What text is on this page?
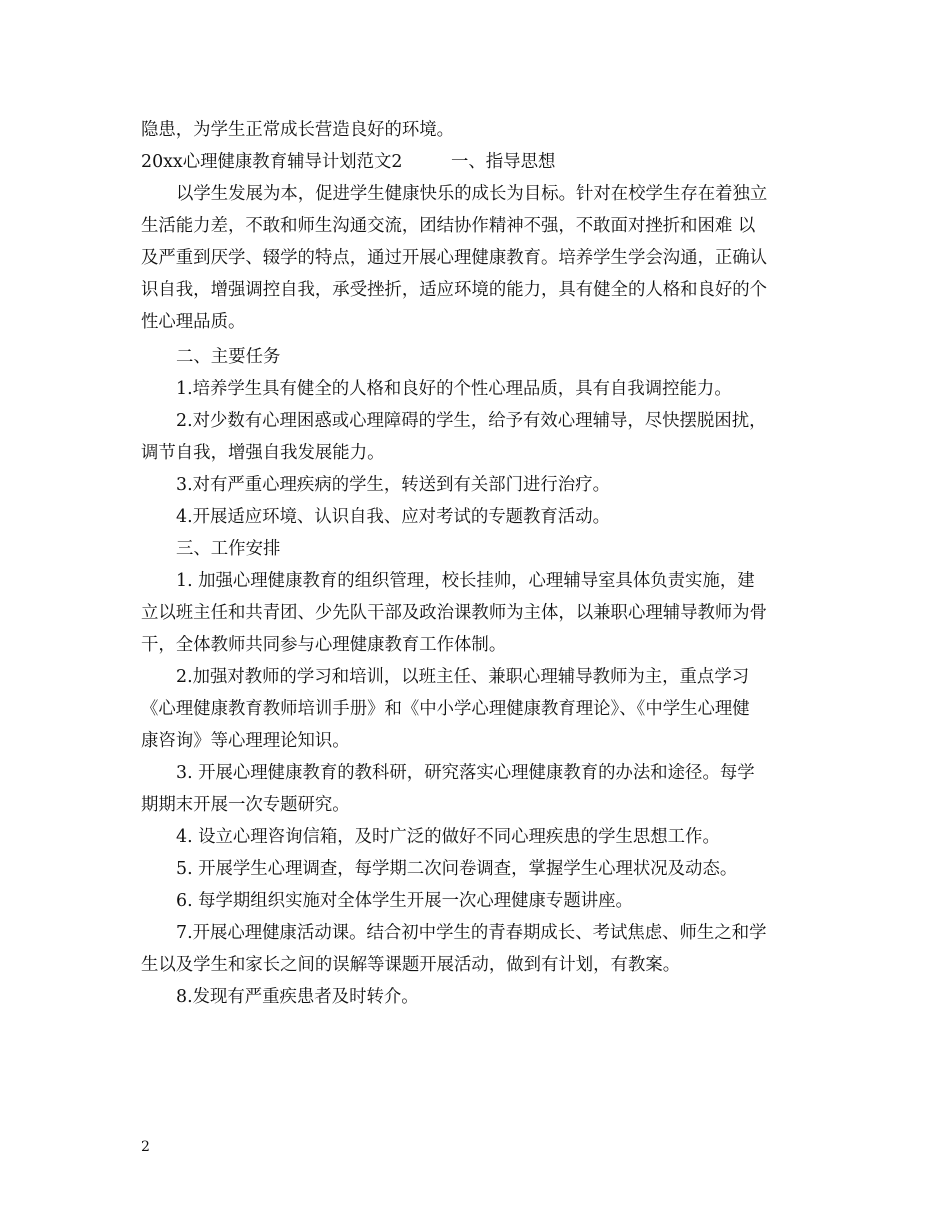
隐患，为学生正常成长营造良好的环境。
20xx心理健康教育辅导计划范文2	一、指导思想
以学生发展为本，促进学生健康快乐的成长为目标。针对在校学生存在着独立
生活能力差，不敢和师生沟通交流，团结协作精神不强，不敢面对挫折和困难 以
及严重到厌学、辍学的特点，通过开展心理健康教育。培养学生学会沟通，正确认
识自我，增强调控自我，承受挫折，适应环境的能力，具有健全的人格和良好的个
性心理品质。
二、主要任务
1.培养学生具有健全的人格和良好的个性心理品质，具有自我调控能力。
2.对少数有心理困惑或心理障碍的学生，给予有效心理辅导，尽快摆脱困扰，
调节自我，增强自我发展能力。
3.对有严重心理疾病的学生，转送到有关部门进行治疗。
4.开展适应环境、认识自我、应对考试的专题教育活动。
三、工作安排
1. 加强心理健康教育的组织管理，校长挂帅，心理辅导室具体负责实施，建
立以班主任和共青团、少先队干部及政治课教师为主体，以兼职心理辅导教师为骨
干，全体教师共同参与心理健康教育工作体制。
2.加强对教师的学习和培训，以班主任、兼职心理辅导教师为主，重点学习
《心理健康教育教师培训手册》和《中小学心理健康教育理论》、《中学生心理健
康咨询》等心理理论知识。
3. 开展心理健康教育的教科研，研究落实心理健康教育的办法和途径。每学
期期末开展一次专题研究。
4. 设立心理咨询信箱，及时广泛的做好不同心理疾患的学生思想工作。
5. 开展学生心理调查，每学期二次问卷调查，掌握学生心理状况及动态。
6. 每学期组织实施对全体学生开展一次心理健康专题讲座。
7.开展心理健康活动课。结合初中学生的青春期成长、考试焦虑、师生之和学
生以及学生和家长之间的误解等课题开展活动，做到有计划，有教案。
8.发现有严重疾患者及时转介。
2
